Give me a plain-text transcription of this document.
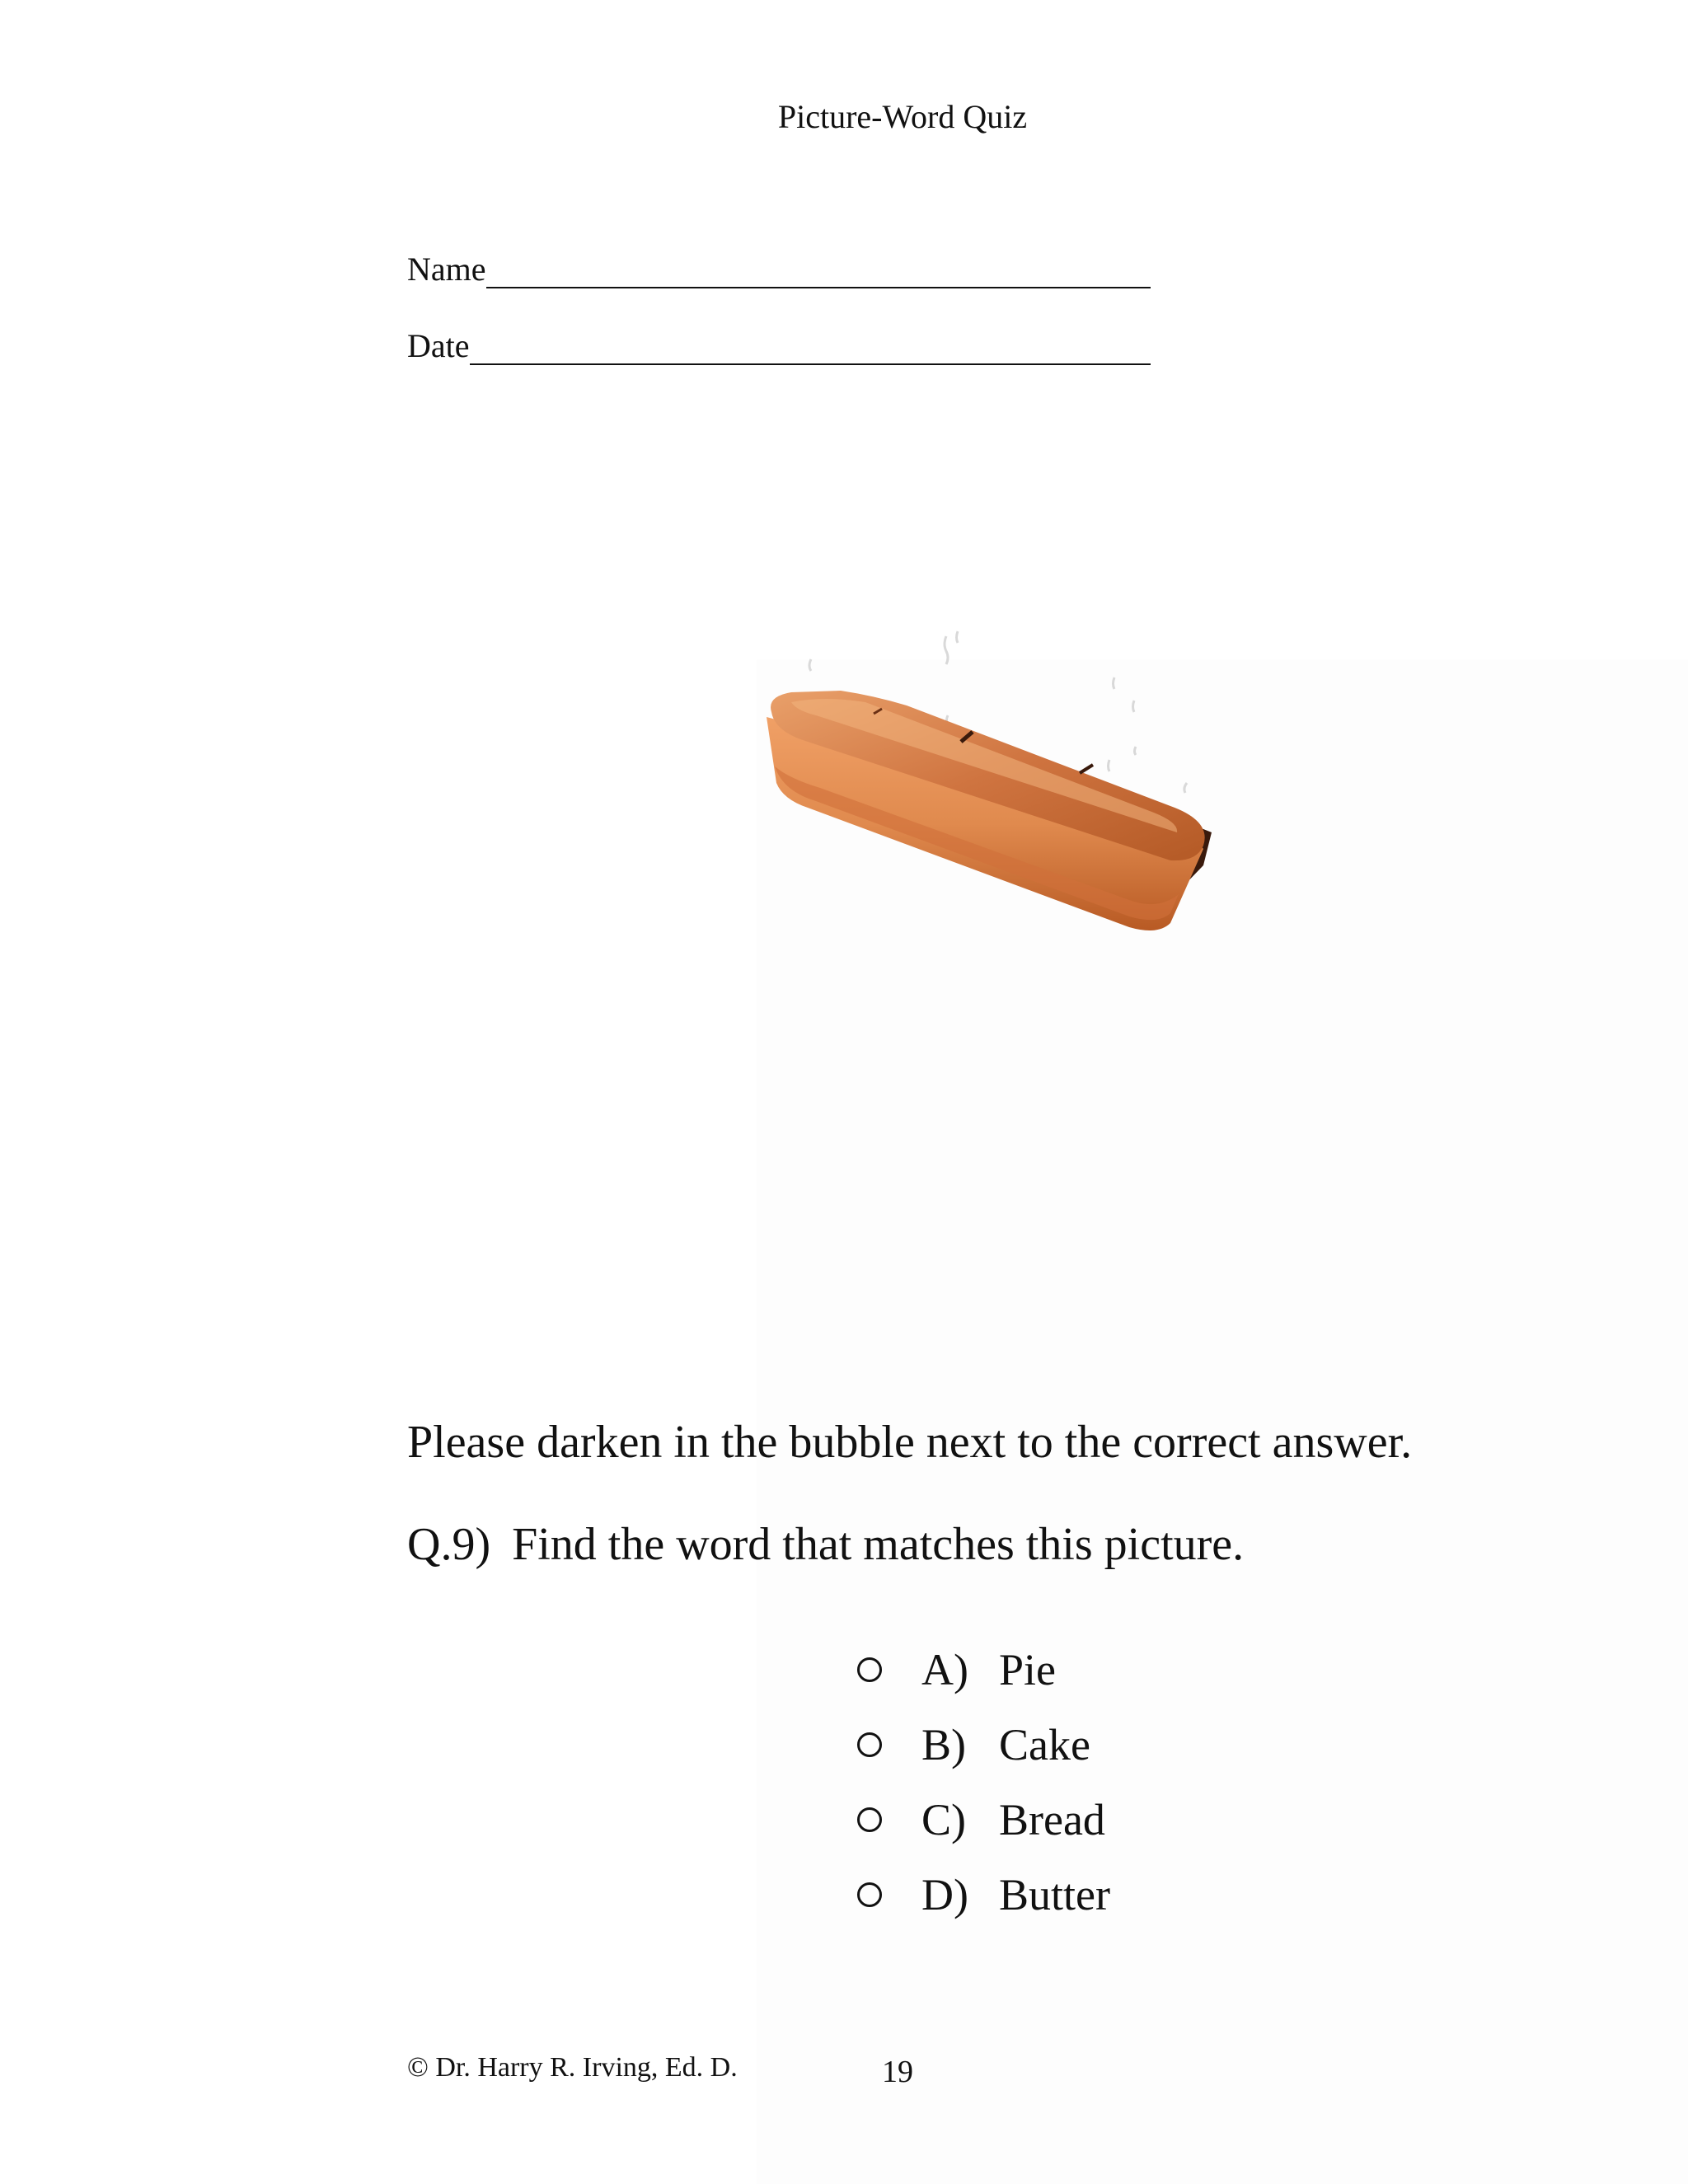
Picture-Word Quiz
Name
Date
Please darken in the bubble next to the correct answer.
Q.9) Find the word that matches this picture.
A) Pie
B) Cake
C) Bread
D) Butter
© Dr. Harry R. Irving, Ed. D.	19
